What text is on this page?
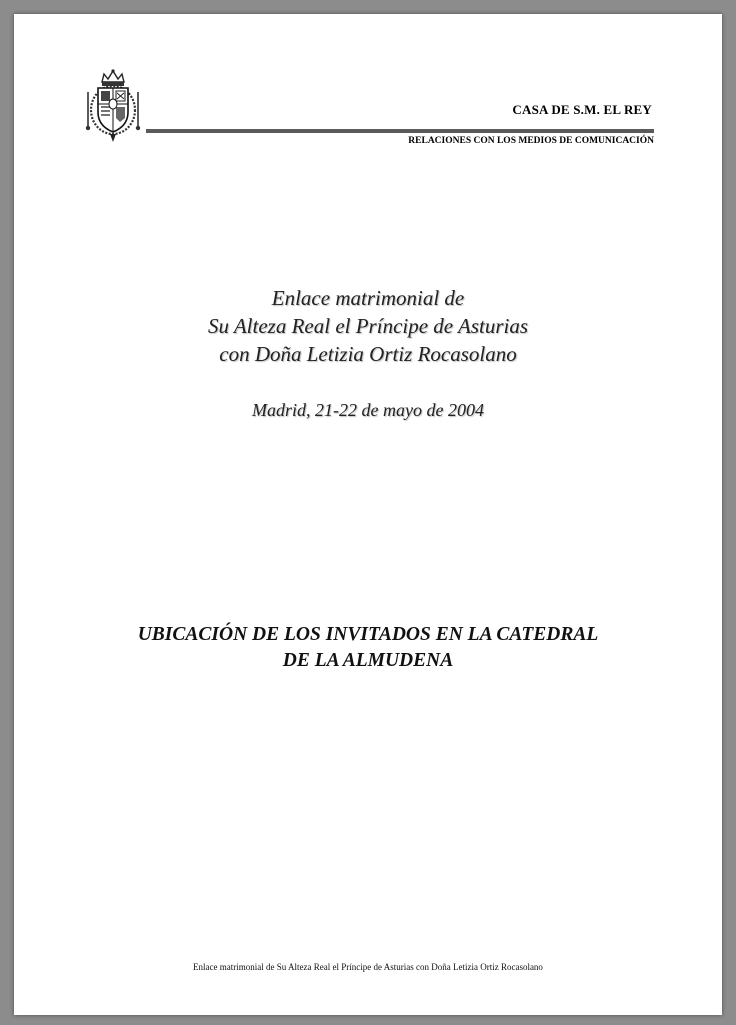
CASA DE S.M. EL REY
RELACIONES CON LOS MEDIOS DE COMUNICACIÓN
Enlace matrimonial de
Su Alteza Real el Príncipe de Asturias
con Doña Letizia Ortiz Rocasolano
Madrid, 21-22 de mayo de 2004
UBICACIÓN DE LOS INVITADOS EN LA CATEDRAL
DE LA ALMUDENA
Enlace matrimonial de Su Alteza Real el Príncipe de Asturias con Doña Letizia Ortiz Rocasolano
